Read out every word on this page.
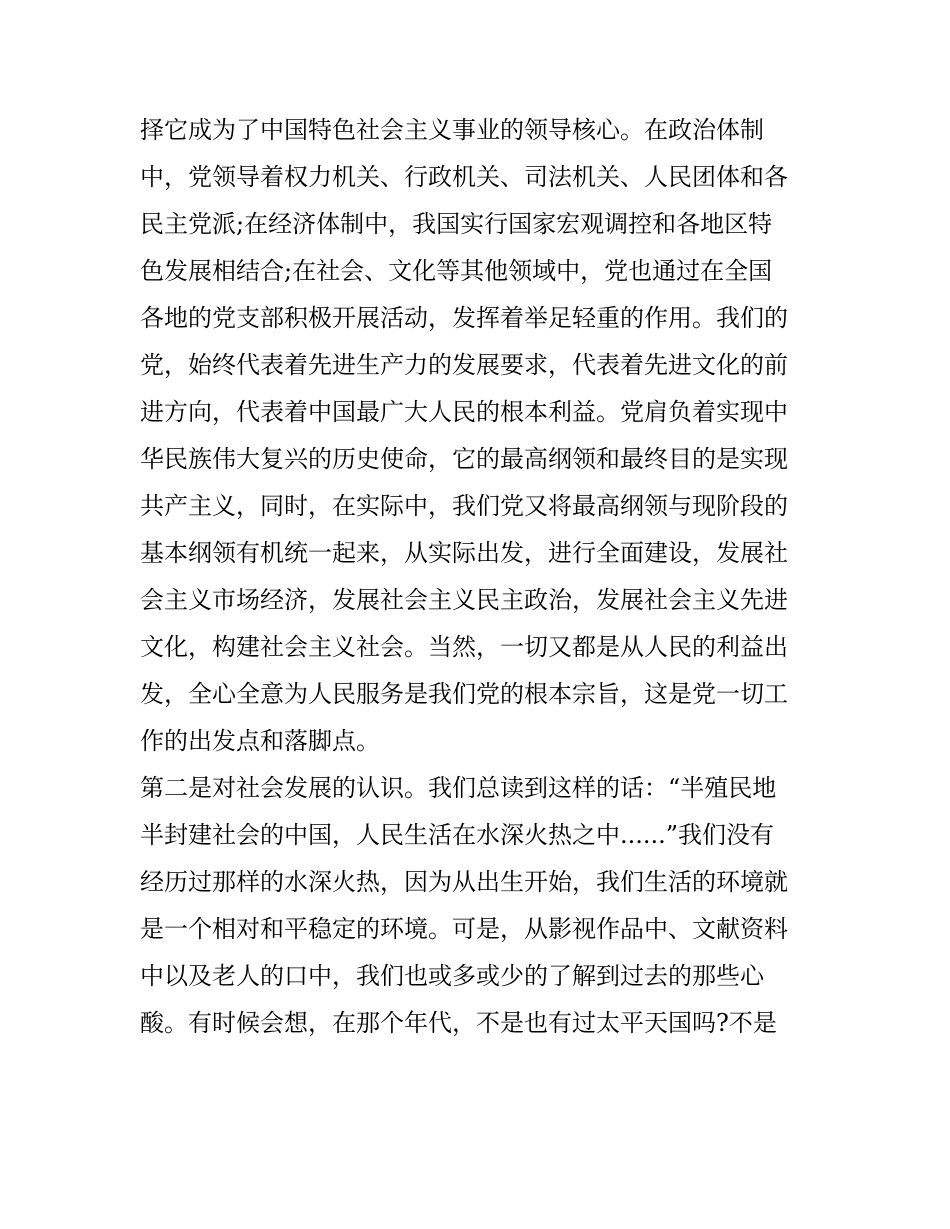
择它成为了中国特色社会主义事业的领导核心。在政治体制
中，党领导着权力机关、行政机关、司法机关、人民团体和各
民主党派;在经济体制中，我国实行国家宏观调控和各地区特
色发展相结合;在社会、文化等其他领域中，党也通过在全国
各地的党支部积极开展活动，发挥着举足轻重的作用。我们的
党，始终代表着先进生产力的发展要求，代表着先进文化的前
进方向，代表着中国最广大人民的根本利益。党肩负着实现中
华民族伟大复兴的历史使命，它的最高纲领和最终目的是实现
共产主义，同时，在实际中，我们党又将最高纲领与现阶段的
基本纲领有机统一起来，从实际出发，进行全面建设，发展社
会主义市场经济，发展社会主义民主政治，发展社会主义先进
文化，构建社会主义社会。当然，一切又都是从人民的利益出
发，全心全意为人民服务是我们党的根本宗旨，这是党一切工
作的出发点和落脚点。
第二是对社会发展的认识。我们总读到这样的话：“半殖民地
半封建社会的中国，人民生活在水深火热之中......”我们没有
经历过那样的水深火热，因为从出生开始，我们生活的环境就
是一个相对和平稳定的环境。可是，从影视作品中、文献资料
中以及老人的口中，我们也或多或少的了解到过去的那些心
酸。有时候会想，在那个年代，不是也有过太平天国吗?不是
